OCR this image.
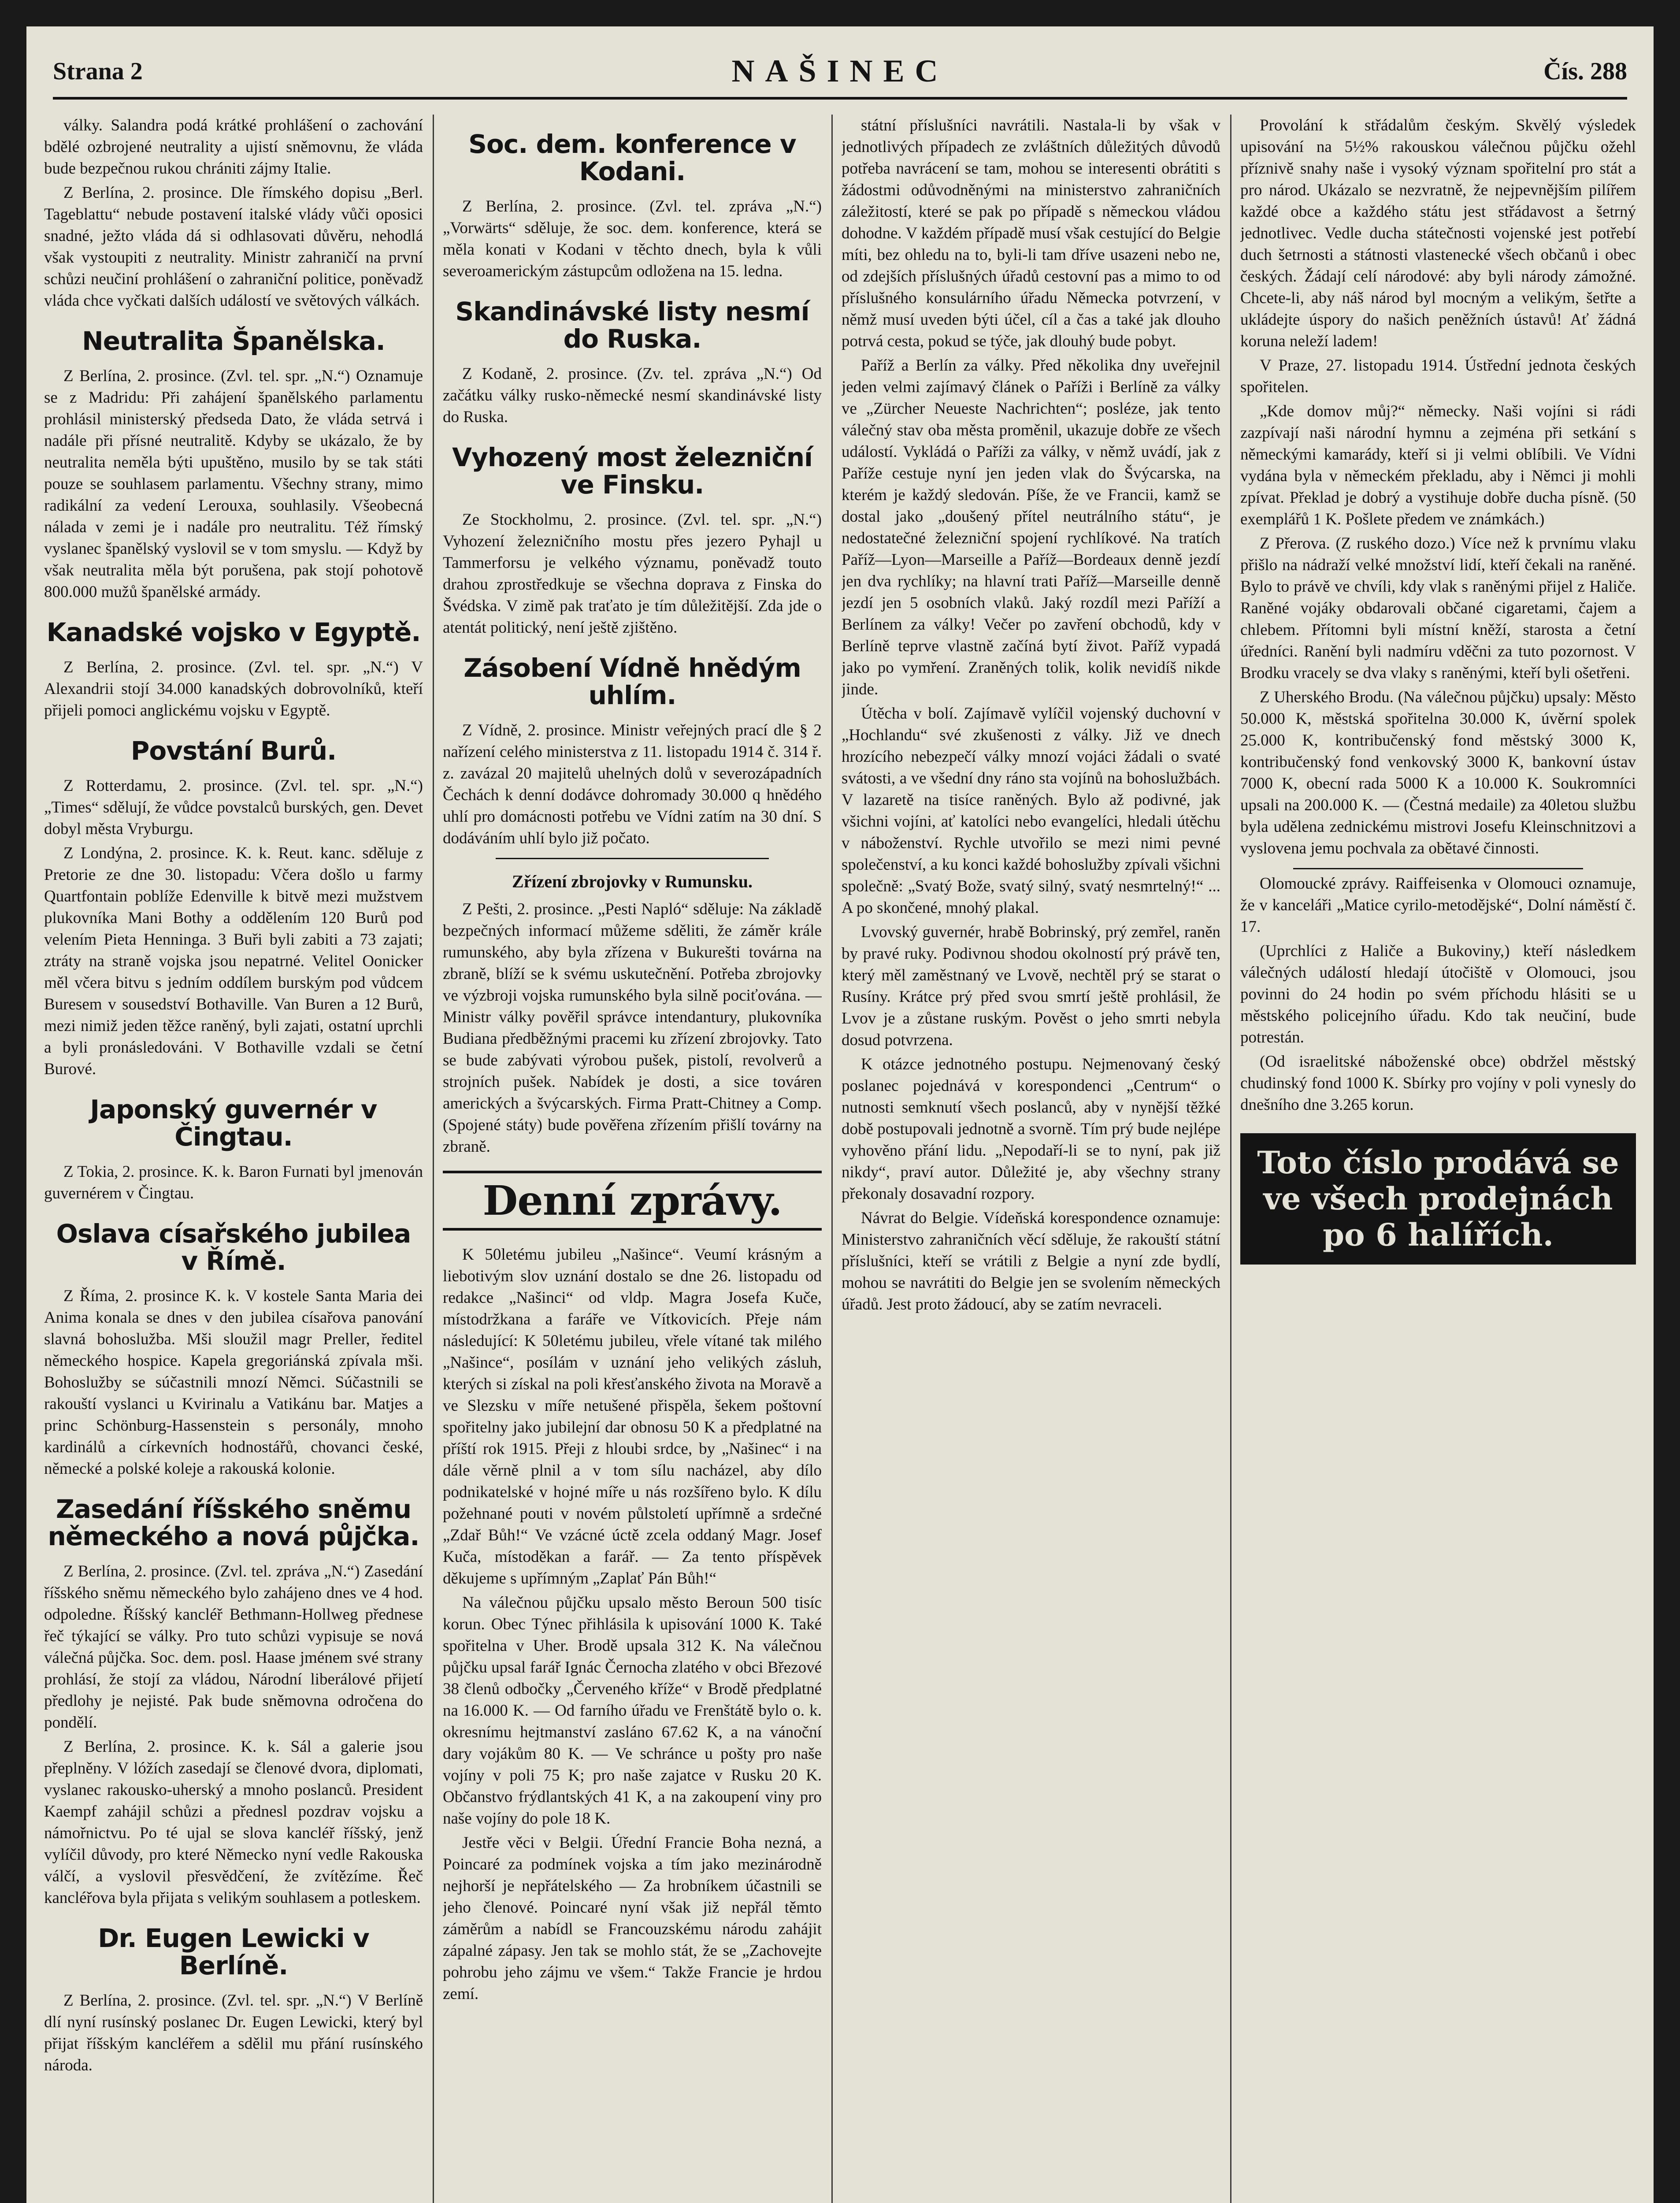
Strana 2	NAŠINEC	Čís. 288

války. Salandra podá krátké prohlášení o zachování bdělé ozbrojené neutrality a ujistí sněmovnu, že vláda bude bezpečnou rukou chrániti zájmy Italie.

Z Berlína, 2. prosince. Dle římského dopisu „Berl. Tageblattu“ nebude postavení italské vlády vůči oposici snadné, ježto vláda dá si odhlasovati důvěru, nehodlá však vystoupiti z neutrality. Ministr zahraničí na první schůzi neučiní prohlášení o zahraniční politice, poněvadž vláda chce vyčkati dalších událostí ve světových válkách.

Neutralita Španělska.

Z Berlína, 2. prosince. (Zvl. tel. spr. „N.“) Oznamuje se z Madridu: Při zahájení španělského parlamentu prohlásil ministerský předseda Dato, že vláda setrvá i nadále při přísné neutralitě. Kdyby se ukázalo, že by neutralita neměla býti upuštěno, musilo by se tak státi pouze se souhlasem parlamentu. Všechny strany, mimo radikální za vedení Lerouxa, souhlasily. Všeobecná nálada v zemi je i nadále pro neutralitu. Též římský vyslanec španělský vyslovil se v tom smyslu. — Když by však neutralita měla být porušena, pak stojí pohotově 800.000 mužů španělské armády.

Kanadské vojsko v Egyptě.

Z Berlína, 2. prosince. (Zvl. tel. spr. „N.“) V Alexandrii stojí 34.000 kanadských dobrovolníků, kteří přijeli pomoci anglickému vojsku v Egyptě.

Povstání Burů.

Z Rotterdamu, 2. prosince. (Zvl. tel. spr. „N.“) „Times“ sdělují, že vůdce povstalců burských, gen. Devet dobyl města Vryburgu.

Z Londýna, 2. prosince. K. k. Reut. kanc. sděluje z Pretorie ze dne 30. listopadu: Včera došlo u farmy Quartfontain poblíže Edenville k bitvě mezi mužstvem plukovníka Mani Bothy a oddělením 120 Burů pod velením Pieta Henninga. 3 Buři byli zabiti a 73 zajati; ztráty na straně vojska jsou nepatrné. Velitel Oonicker měl včera bitvu s jedním oddílem burským pod vůdcem Buresem v sousedství Bothaville. Van Buren a 12 Burů, mezi nimiž jeden těžce raněný, byli zajati, ostatní uprchli a byli pronásledováni. V Bothaville vzdali se četní Burové.

Japonský guvernér v Čingtau.

Z Tokia, 2. prosince. K. k. Baron Furnati byl jmenován guvernérem v Čingtau.

Oslava císařského jubilea v Římě.

Z Říma, 2. prosince K. k. V kostele Santa Maria dei Anima konala se dnes v den jubilea císařova panování slavná bohoslužba. Mši sloužil magr Preller, ředitel německého hospice. Kapela gregoriánská zpívala mši. Bohoslužby se súčastnili mnozí Němci. Súčastnili se rakouští vyslanci u Kvirinalu a Vatikánu bar. Matjes a princ Schönburg-Hassenstein s personály, mnoho kardinálů a církevních hodnostářů, chovanci české, německé a polské koleje a rakouská kolonie.

Zasedání říšského sněmu německého a nová půjčka.

Z Berlína, 2. prosince. (Zvl. tel. zpráva „N.“) Zasedání říšského sněmu německého bylo zahájeno dnes ve 4 hod. odpoledne. Říšský kancléř Bethmann-Hollweg přednese řeč týkající se války. Pro tuto schůzi vypisuje se nová válečná půjčka. Soc. dem. posl. Haase jménem své strany prohlásí, že stojí za vládou, Národní liberálové přijetí předlohy je nejisté. Pak bude sněmovna odročena do pondělí.

Z Berlína, 2. prosince. K. k. Sál a galerie jsou přeplněny. V lóžích zasedají se členové dvora, diplomati, vyslanec rakousko-uherský a mnoho poslanců. President Kaempf zahájil schůzi a přednesl pozdrav vojsku a námořnictvu. Po té ujal se slova kancléř říšský, jenž vylíčil důvody, pro které Německo nyní vedle Rakouska válčí, a vyslovil přesvědčení, že zvítězíme. Řeč kancléřova byla přijata s velikým souhlasem a potleskem.

Dr. Eugen Lewicki v Berlíně.

Z Berlína, 2. prosince. (Zvl. tel. spr. „N.“) V Berlíně dlí nyní rusínský poslanec Dr. Eugen Lewicki, který byl přijat říšským kancléřem a sdělil mu přání rusínského národa.

Soc. dem. konference v Kodani.

Z Berlína, 2. prosince. (Zvl. tel. zpráva „N.“) „Vorwärts“ sděluje, že soc. dem. konference, která se měla konati v Kodani v těchto dnech, byla k vůli severoamerickým zástupcům odložena na 15. ledna.

Skandinávské listy nesmí do Ruska.

Z Kodaně, 2. prosince. (Zv. tel. zpráva „N.“) Od začátku války rusko-německé nesmí skandinávské listy do Ruska.

Vyhozený most železniční ve Finsku.

Ze Stockholmu, 2. prosince. (Zvl. tel. spr. „N.“) Vyhození železničního mostu přes jezero Pyhajl u Tammerforsu je velkého významu, poněvadž touto drahou zprostředkuje se všechna doprava z Finska do Švédska. V zimě pak traťato je tím důležitější. Zda jde o atentát politický, není ještě zjištěno.

Zásobení Vídně hnědým uhlím.

Z Vídně, 2. prosince. Ministr veřejných prací dle § 2 nařízení celého ministerstva z 11. listopadu 1914 č. 314 ř. z. zavázal 20 majitelů uhelných dolů v severozápadních Čechách k denní dodávce dohromady 30.000 q hnědého uhlí pro domácnosti potřebu ve Vídni zatím na 30 dní. S dodáváním uhlí bylo již počato.

Zřízení zbrojovky v Rumunsku.

Z Pešti, 2. prosince. „Pesti Napló“ sděluje: Na základě bezpečných informací můžeme sděliti, že záměr krále rumunského, aby byla zřízena v Bukurešti továrna na zbraně, blíží se k svému uskutečnění. Potřeba zbrojovky ve výzbroji vojska rumunského byla silně pociťována. — Ministr války pověřil správce intendantury, plukovníka Budiana předběžnými pracemi ku zřízení zbrojovky. Tato se bude zabývati výrobou pušek, pistolí, revolverů a strojních pušek. Nabídek je dosti, a sice továren amerických a švýcarských. Firma Pratt-Chitney a Comp. (Spojené státy) bude pověřena zřízením přišlí továrny na zbraně.

Denní zprávy.

K 50letému jubileu „Našince“. Veumí krásným a liebotivým slov uznání dostalo se dne 26. listopadu od redakce „Našinci“ od vldp. Magra Josefa Kuče, místodržkana a faráře ve Vítkovicích. Přeje nám následující: K 50letému jubileu, vřele vítané tak milého „Našince“, posílám v uznání jeho velikých zásluh, kterých si získal na poli křesťanského života na Moravě a ve Slezsku v míře netušené přispěla, šekem poštovní spořitelny jako jubilejní dar obnosu 50 K a předplatné na příští rok 1915. Přeji z hloubi srdce, by „Našinec“ i na dále věrně plnil a v tom sílu nacházel, aby dílo podnikatelské v hojné míře u nás rozšířeno bylo. K dílu požehnané pouti v novém půlstoletí upřímně a srdečné „Zdař Bůh!“ Ve vzácné úctě zcela oddaný Magr. Josef Kuča, místoděkan a farář. — Za tento příspěvek děkujeme s upřímným „Zaplať Pán Bůh!“

Na válečnou půjčku upsalo město Beroun 500 tisíc korun. Obec Týnec přihlásila k upisování 1000 K. Také spořitelna v Uher. Brodě upsala 312 K. Na válečnou půjčku upsal farář Ignác Černocha zlatého v obci Březové 38 členů odbočky „Červeného kříže“ v Brodě předplatné na 16.000 K. — Od farního úřadu ve Frenštátě bylo o. k. okresnímu hejtmanství zasláno 67.62 K, a na vánoční dary vojákům 80 K. — Ve schránce u pošty pro naše vojíny v poli 75 K; pro naše zajatce v Rusku 20 K. Občanstvo frýdlantských 41 K, a na zakoupení viny pro naše vojíny do pole 18 K.

Jestře věci v Belgii. Úřední Francie Boha nezná, a Poincaré za podmínek vojska a tím jako mezinárodně nejhorší je nepřátelského — Za hrobníkem účastnili se jeho členové. Poincaré nyní však již nepřál těmto záměrům a nabídl se Francouzskému národu zahájit zápalné zápasy. Jen tak se mohlo stát, že se „Zachovejte pohrobu jeho zájmu ve všem.“ Takže Francie je hrdou zemí.

státní příslušníci navrátili. Nastala-li by však v jednotlivých případech ze zvláštních důležitých důvodů potřeba navrácení se tam, mohou se interesenti obrátiti s žádostmi odůvodněnými na ministerstvo zahraničních záležitostí, které se pak po případě s německou vládou dohodne. V každém případě musí však cestující do Belgie míti, bez ohledu na to, byli-li tam dříve usazeni nebo ne, od zdejších příslušných úřadů cestovní pas a mimo to od příslušného konsulárního úřadu Německa potvrzení, v němž musí uveden býti účel, cíl a čas a také jak dlouho potrvá cesta, pokud se týče, jak dlouhý bude pobyt.

Paříž a Berlín za války. Před několika dny uveřejnil jeden velmi zajímavý článek o Paříži i Berlíně za války ve „Zürcher Neueste Nachrichten“; posléze, jak tento válečný stav oba města proměnil, ukazuje dobře ze všech událostí. Vykládá o Paříži za války, v němž uvádí, jak z Paříže cestuje nyní jen jeden vlak do Švýcarska, na kterém je každý sledován. Píše, že ve Francii, kamž se dostal jako „doušený přítel neutrálního státu“, je nedostatečné železniční spojení rychlíkové. Na tratích Paříž—Lyon—Marseille a Paříž—Bordeaux denně jezdí jen dva rychlíky; na hlavní trati Paříž—Marseille denně jezdí jen 5 osobních vlaků. Jaký rozdíl mezi Paříží a Berlínem za války! Večer po zavření obchodů, kdy v Berlíně teprve vlastně začíná bytí život. Paříž vypadá jako po vymření. Zraněných tolik, kolik nevidíš nikde jinde.

Útěcha v bolí. Zajímavě vylíčil vojenský duchovní v „Hochlandu“ své zkušenosti z války. Již ve dnech hrozícího nebezpečí války mnozí vojáci žádali o svaté svátosti, a ve všední dny ráno sta vojínů na bohoslužbách. V lazaretě na tisíce raněných. Bylo až podivné, jak všichni vojíni, ať katolíci nebo evangelíci, hledali útěchu v náboženství. Rychle utvořilo se mezi nimi pevné společenství, a ku konci každé bohoslužby zpívali všichni společně: „Svatý Bože, svatý silný, svatý nesmrtelný!“ ... A po skončené, mnohý plakal.

Lvovský guvernér, hrabě Bobrinský, prý zemřel, raněn by pravé ruky. Podivnou shodou okolností prý právě ten, který měl zaměstnaný ve Lvově, nechtěl prý se starat o Rusíny. Krátce prý před svou smrtí ještě prohlásil, že Lvov je a zůstane ruským. Pověst o jeho smrti nebyla dosud potvrzena.

K otázce jednotného postupu. Nejmenovaný český poslanec pojednává v korespondenci „Centrum“ o nutnosti semknutí všech poslanců, aby v nynější těžké době postupovali jednotně a svorně. Tím prý bude nejlépe vyhověno přání lidu. „Nepodaří-li se to nyní, pak již nikdy“, praví autor. Důležité je, aby všechny strany překonaly dosavadní rozpory.

Návrat do Belgie. Vídeňská korespondence oznamuje: Ministerstvo zahraničních věcí sděluje, že rakouští státní příslušníci, kteří se vrátili z Belgie a nyní zde bydlí, mohou se navrátiti do Belgie jen se svolením německých úřadů. Jest proto žádoucí, aby se zatím nevraceli.

Provolání k střádalům českým. Skvělý výsledek upisování na 5½% rakouskou válečnou půjčku ožehl příznivě snahy naše i vysoký význam spořitelní pro stát a pro národ. Ukázalo se nezvratně, že nejpevnějším pilířem každé obce a každého státu jest střádavost a šetrný jednotlivec. Vedle ducha státečnosti vojenské jest potřebí duch šetrnosti a státnosti vlastenecké všech občanů i obec českých. Žádají celí národové: aby byli národy zámožné. Chcete-li, aby náš národ byl mocným a velikým, šetřte a ukládejte úspory do našich peněžních ústavů! Ať žádná koruna neleží ladem!

V Praze, 27. listopadu 1914. Ústřední jednota českých spořitelen.

„Kde domov můj?“ německy. Naši vojíni si rádi zazpívají naši národní hymnu a zejména při setkání s německými kamarády, kteří si ji velmi oblíbili. Ve Vídni vydána byla v německém překladu, aby i Němci ji mohli zpívat. Překlad je dobrý a vystihuje dobře ducha písně. (50 exemplářů 1 K. Pošlete předem ve známkách.)

Z Přerova. (Z ruského dozo.) Více než k prvnímu vlaku přišlo na nádraží velké množství lidí, kteří čekali na raněné. Bylo to právě ve chvíli, kdy vlak s raněnými přijel z Haliče. Raněné vojáky obdarovali občané cigaretami, čajem a chlebem. Přítomni byli místní kněží, starosta a četní úředníci. Ranění byli nadmíru vděčni za tuto pozornost. V Brodku vracely se dva vlaky s raněnými, kteří byli ošetřeni.

Z Uherského Brodu. (Na válečnou půjčku) upsaly: Město 50.000 K, městská spořitelna 30.000 K, úvěrní spolek 25.000 K, kontribučenský fond městský 3000 K, kontribučenský fond venkovský 3000 K, bankovní ústav 7000 K, obecní rada 5000 K a 10.000 K. Soukromníci upsali na 200.000 K. — (Čestná medaile) za 40letou službu byla udělena zednickému mistrovi Josefu Kleinschnitzovi a vyslovena jemu pochvala za obětavé činnosti.

Olomoucké zprávy. Raiffeisenka v Olomouci oznamuje, že v kanceláři „Matice cyrilo-metodějské“, Dolní náměstí č. 17.

(Uprchlíci z Haliče a Bukoviny,) kteří následkem válečných událostí hledají útočiště v Olomouci, jsou povinni do 24 hodin po svém příchodu hlásiti se u městského policejního úřadu. Kdo tak neučiní, bude potrestán.

(Od israelitské náboženské obce) obdržel městský chudinský fond 1000 K. Sbírky pro vojíny v poli vynesly do dnešního dne 3.265 korun.

Toto číslo prodává se ve všech prodejnách po 6 halířích.
